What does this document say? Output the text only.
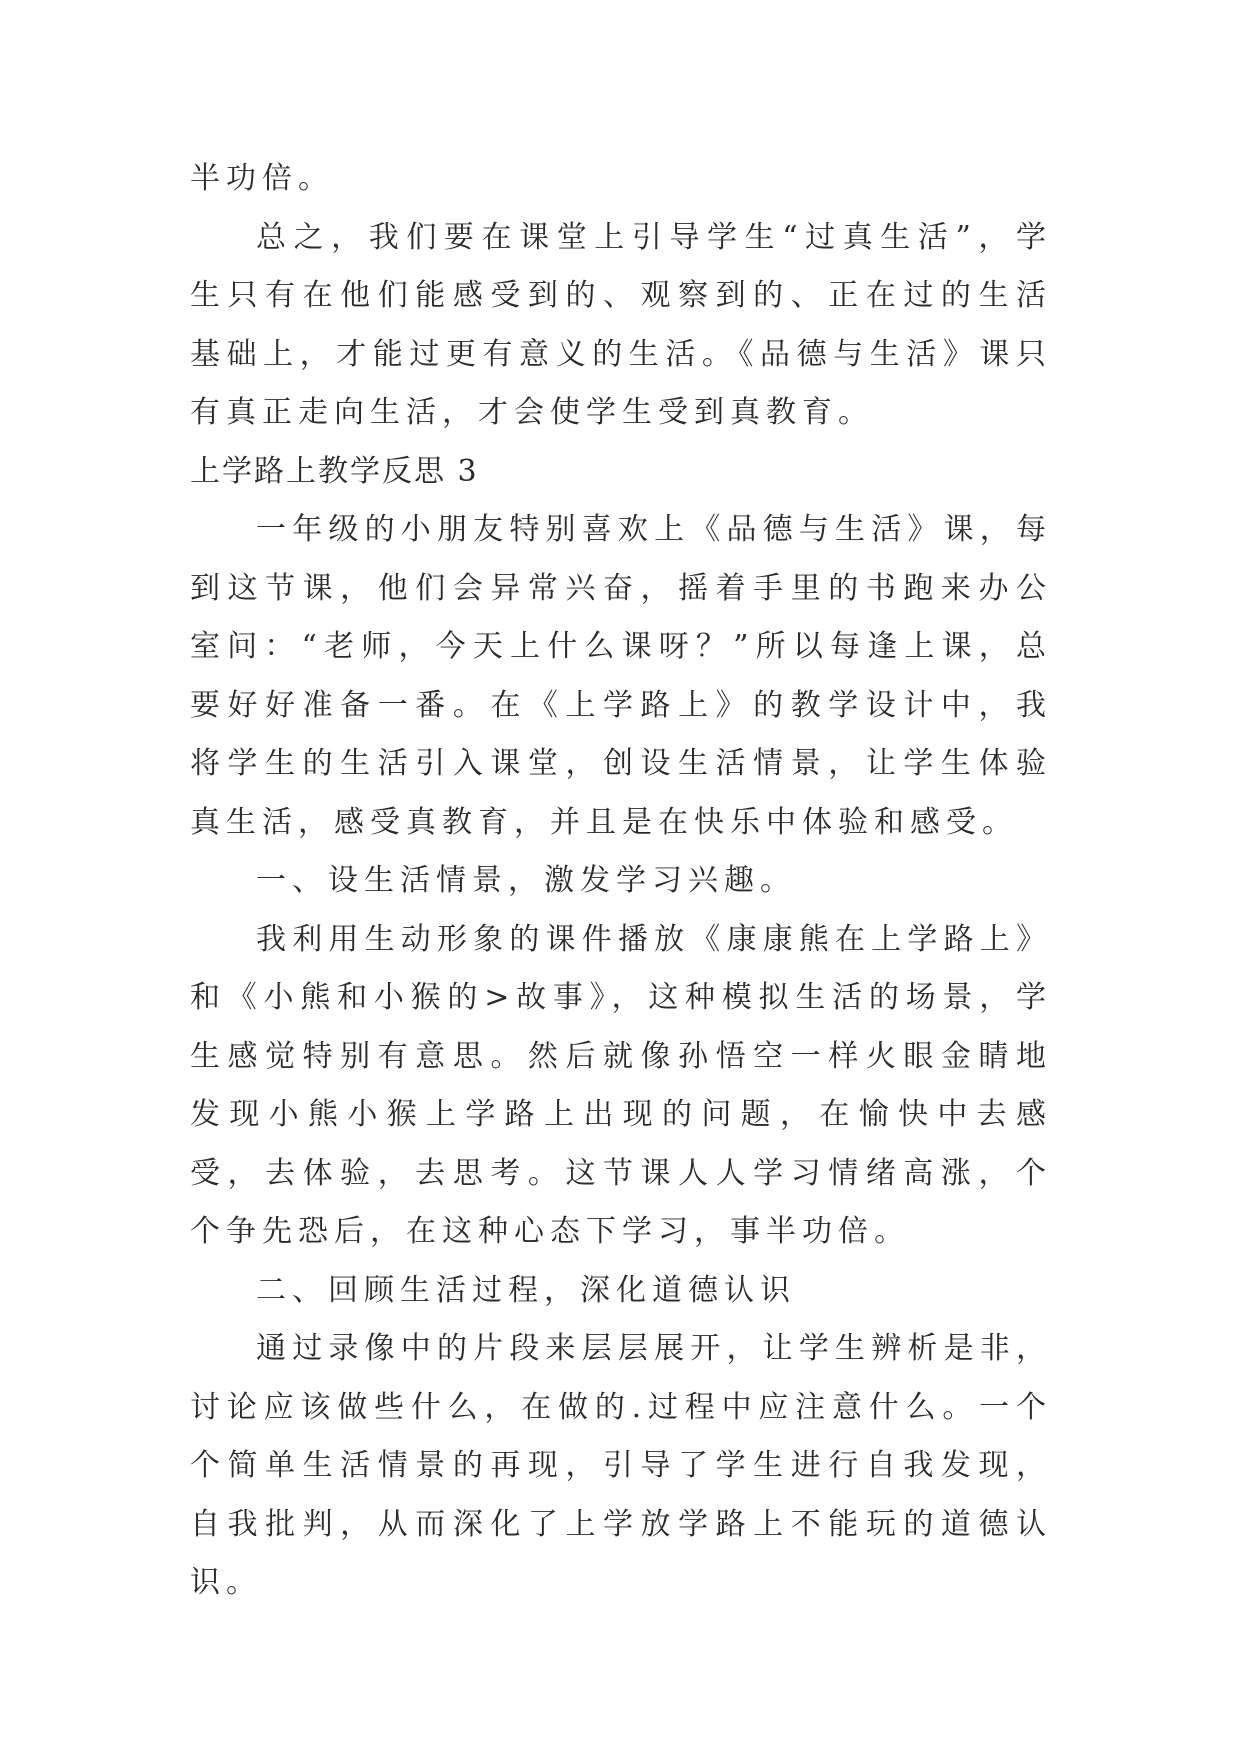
半功倍。

总之，我们要在课堂上引导学生“过真生活”，学生只有在他们能感受到的、观察到的、正在过的生活基础上，才能过更有意义的生活。《品德与生活》课只有真正走向生活，才会使学生受到真教育。

上学路上教学反思 3

一年级的小朋友特别喜欢上《品德与生活》课，每到这节课，他们会异常兴奋，摇着手里的书跑来办公室问：“老师，今天上什么课呀？”所以每逢上课，总要好好准备一番。在《上学路上》的教学设计中，我将学生的生活引入课堂，创设生活情景，让学生体验真生活，感受真教育，并且是在快乐中体验和感受。

一、设生活情景，激发学习兴趣。

我利用生动形象的课件播放《康康熊在上学路上》和《小熊和小猴的>故事》，这种模拟生活的场景，学生感觉特别有意思。然后就像孙悟空一样火眼金睛地发现小熊小猴上学路上出现的问题，在愉快中去感受，去体验，去思考。这节课人人学习情绪高涨，个个争先恐后，在这种心态下学习，事半功倍。

二、回顾生活过程，深化道德认识

通过录像中的片段来层层展开，让学生辨析是非，讨论应该做些什么，在做的.过程中应注意什么。一个个简单生活情景的再现，引导了学生进行自我发现，自我批判，从而深化了上学放学路上不能玩的道德认识。
